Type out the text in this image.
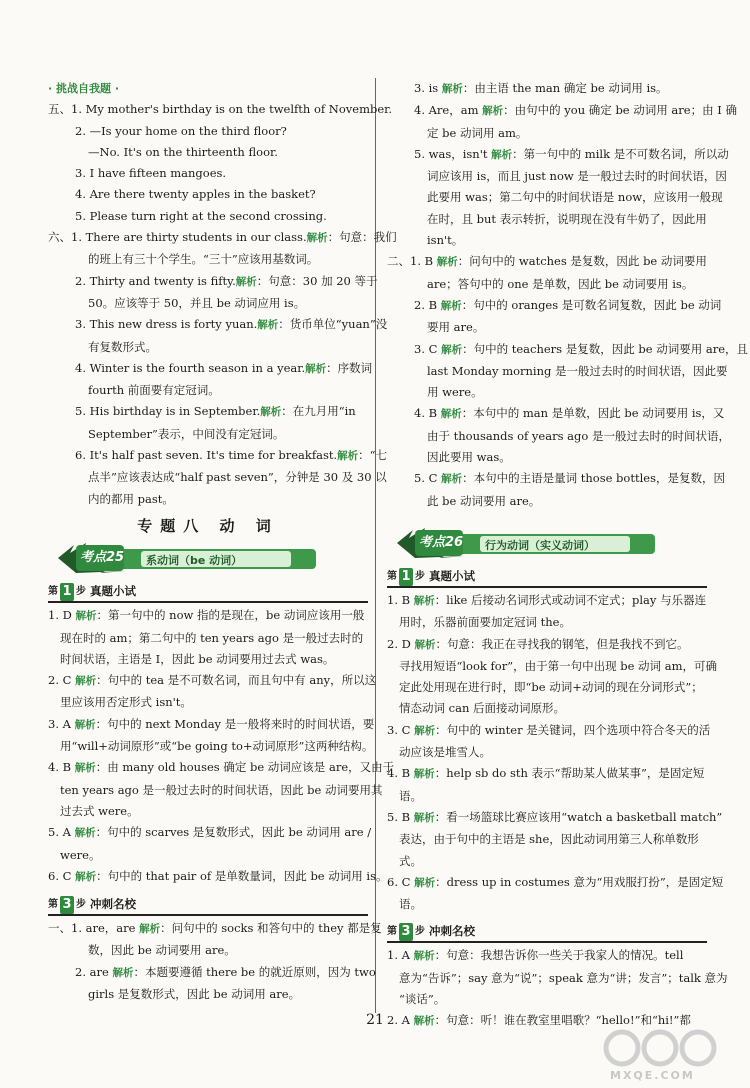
· 挑战自我题 ·
五、1. My mother's birthday is on the twelfth of November.
2. —Is your home on the third floor?
—No. It's on the thirteenth floor.
3. I have fifteen mangoes.
4. Are there twenty apples in the basket?
5. Please turn right at the second crossing.
六、1. There are thirty students in our class.解析：句意：我们
的班上有三十个学生。“三十”应该用基数词。
2. Thirty and twenty is fifty.解析：句意：30 加 20 等于
50。应该等于 50，并且 be 动词应用 is。
3. This new dress is forty yuan.解析：货币单位“yuan”没
有复数形式。
4. Winter is the fourth season in a year.解析：序数词
fourth 前面要有定冠词。
5. His birthday is in September.解析：在九月用“in
September”表示，中间没有定冠词。
6. It's half past seven. It's time for breakfast.解析：“七
点半”应该表达成“half past seven”，分钟是 30 及 30 以
内的都用 past。
专题八 动 词
考点25 系动词（be 动词）
第 1 步 真题小试
1. D 解析：第一句中的 now 指的是现在，be 动词应该用一般
现在时的 am；第二句中的 ten years ago 是一般过去时的
时间状语，主语是 I，因此 be 动词要用过去式 was。
2. C 解析：句中的 tea 是不可数名词，而且句中有 any，所以这
里应该用否定形式 isn't。
3. A 解析：句中的 next Monday 是一般将来时的时间状语，要
用“will+动词原形”或“be going to+动词原形”这两种结构。
4. B 解析：由 many old houses 确定 be 动词应该是 are，又由于
ten years ago 是一般过去时的时间状语，因此 be 动词要用其
过去式 were。
5. A 解析：句中的 scarves 是复数形式，因此 be 动词用 are /
were。
6. C 解析：句中的 that pair of 是单数量词，因此 be 动词用 is。
第 3 步 冲刺名校
一、1. are，are 解析：问句中的 socks 和答句中的 they 都是复
数，因此 be 动词要用 are。
2. are 解析：本题要遵循 there be 的就近原则，因为 two
girls 是复数形式，因此 be 动词用 are。
3. is 解析：由主语 the man 确定 be 动词用 is。
4. Are，am 解析：由句中的 you 确定 be 动词用 are；由 I 确
定 be 动词用 am。
5. was，isn't 解析：第一句中的 milk 是不可数名词，所以动
词应该用 is，而且 just now 是一般过去时的时间状语，因
此要用 was；第二句中的时间状语是 now，应该用一般现
在时，且 but 表示转折，说明现在没有牛奶了，因此用
isn't。
二、1. B 解析：问句中的 watches 是复数，因此 be 动词要用
are；答句中的 one 是单数，因此 be 动词要用 is。
2. B 解析：句中的 oranges 是可数名词复数，因此 be 动词
要用 are。
3. C 解析：句中的 teachers 是复数，因此 be 动词要用 are，且
last Monday morning 是一般过去时的时间状语，因此要
用 were。
4. B 解析：本句中的 man 是单数，因此 be 动词要用 is，又
由于 thousands of years ago 是一般过去时的时间状语，
因此要用 was。
5. C 解析：本句中的主语是量词 those bottles，是复数，因
此 be 动词要用 are。
考点26 行为动词（实义动词）
第 1 步 真题小试
1. B 解析：like 后接动名词形式或动词不定式；play 与乐器连
用时，乐器前面要加定冠词 the。
2. D 解析：句意：我正在寻找我的钢笔，但是我找不到它。
寻找用短语“look for”，由于第一句中出现 be 动词 am，可确
定此处用现在进行时，即“be 动词+动词的现在分词形式”；
情态动词 can 后面接动词原形。
3. C 解析：句中的 winter 是关键词，四个选项中符合冬天的活
动应该是堆雪人。
4. B 解析：help sb do sth 表示“帮助某人做某事”，是固定短
语。
5. B 解析：看一场篮球比赛应该用“watch a basketball match”
表达，由于句中的主语是 she，因此动词用第三人称单数形
式。
6. C 解析：dress up in costumes 意为“用戏服打扮”，是固定短
语。
第 3 步 冲刺名校
1. A 解析：句意：我想告诉你一些关于我家人的情况。tell
意为“告诉”；say 意为“说”；speak 意为“讲；发言”；talk 意为
“谈话”。
2. A 解析：句意：听！谁在教室里唱歌？“hello!”和“hi!”都
21
MXQE.COM
